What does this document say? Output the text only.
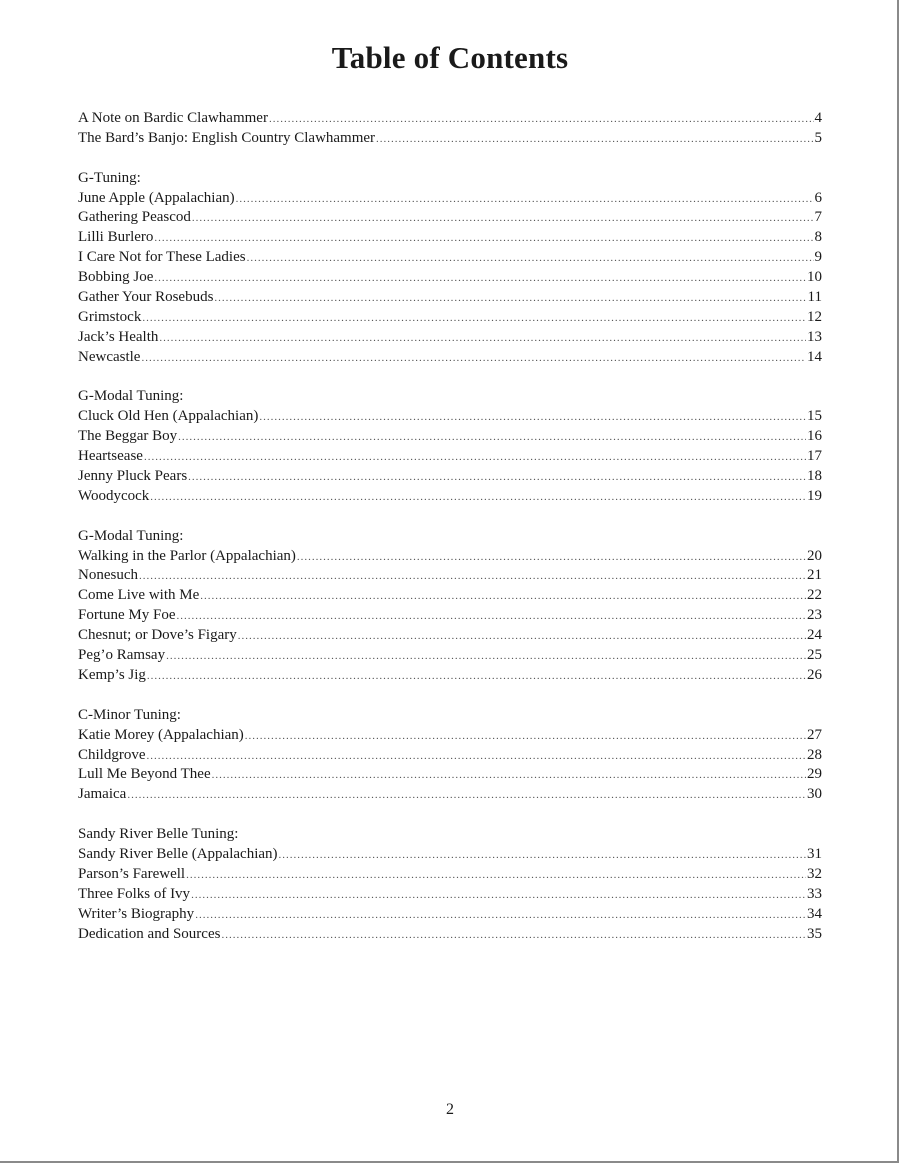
Table of Contents
A Note on Bardic Clawhammer .....	4
The Bard’s Banjo: English Country Clawhammer .....	5
G-Tuning:
June Apple (Appalachian) .....	6
Gathering Peascod .....	7
Lilli Burlero .....	8
I Care Not for These Ladies .....	9
Bobbing Joe .....	10
Gather Your Rosebuds .....	11
Grimstock .....	12
Jack’s Health .....	13
Newcastle .....	14
G-Modal Tuning:
Cluck Old Hen (Appalachian) .....	15
The Beggar Boy .....	16
Heartsease .....	17
Jenny Pluck Pears .....	18
Woodycock .....	19
G-Modal Tuning:
Walking in the Parlor (Appalachian) .....	20
Nonesuch .....	21
Come Live with Me .....	22
Fortune My Foe .....	23
Chesnut; or Dove’s Figary .....	24
Peg’o Ramsay .....	25
Kemp’s Jig .....	26
C-Minor Tuning:
Katie Morey (Appalachian) .....	27
Childgrove .....	28
Lull Me Beyond Thee .....	29
Jamaica .....	30
Sandy River Belle Tuning:
Sandy River Belle (Appalachian) .....	31
Parson’s Farewell .....	32
Three Folks of Ivy .....	33
Writer’s Biography .....	34
Dedication and Sources .....	35
2
